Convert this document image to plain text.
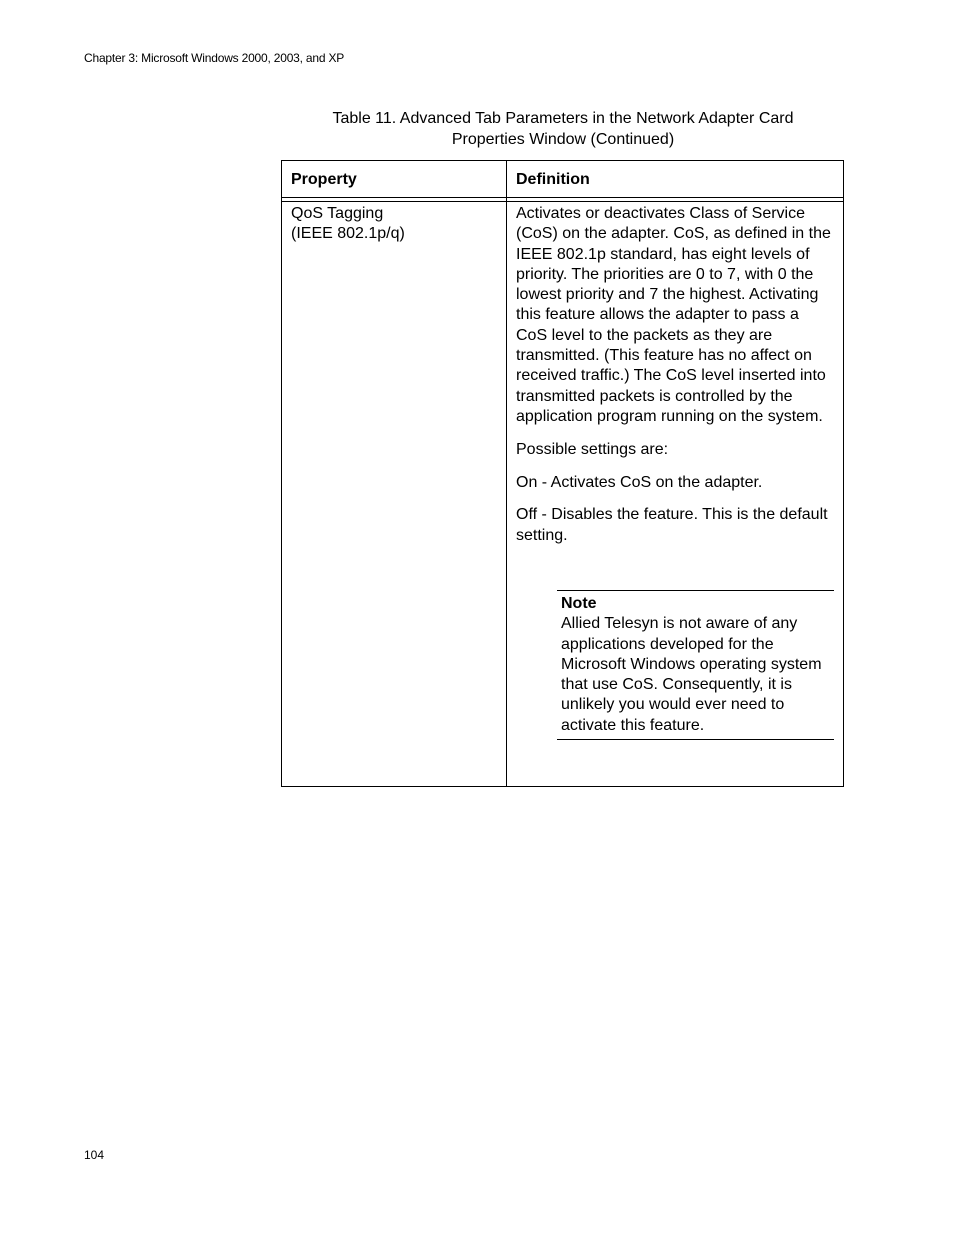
Chapter 3: Microsoft Windows 2000, 2003, and XP
Table 11. Advanced Tab Parameters in the Network Adapter Card
Properties Window (Continued)
Property	Definition
QoS Tagging
(IEEE 802.1p/q)

Activates or deactivates Class of Service (CoS) on the adapter. CoS, as defined in the IEEE 802.1p standard, has eight levels of priority. The priorities are 0 to 7, with 0 the lowest priority and 7 the highest. Activating this feature allows the adapter to pass a CoS level to the packets as they are transmitted. (This feature has no affect on received traffic.) The CoS level inserted into transmitted packets is controlled by the application program running on the system.

Possible settings are:

On - Activates CoS on the adapter.

Off - Disables the feature. This is the default setting.

Note
Allied Telesyn is not aware of any applications developed for the Microsoft Windows operating system that use CoS. Consequently, it is unlikely you would ever need to activate this feature.
104
